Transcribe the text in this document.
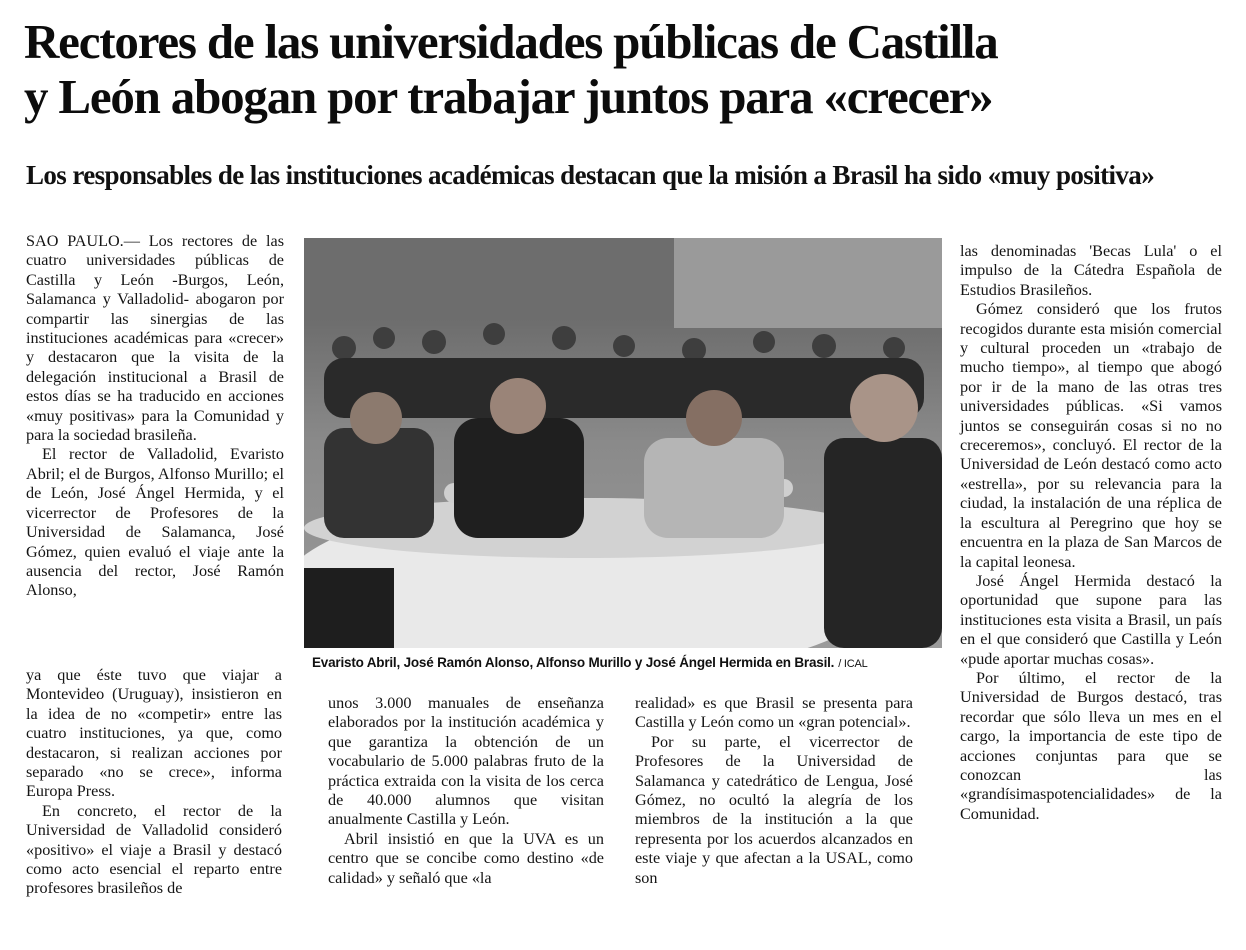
Rectores de las universidades públicas de Castilla
y León abogan por trabajar juntos para «crecer»
Los responsables de las instituciones académicas destacan que la misión a Brasil ha sido «muy positiva»

SAO PAULO.— Los rectores de las cuatro universidades públicas de Castilla y León -Burgos, León, Salamanca y Valladolid- abogaron por compartir las sinergias de las instituciones académicas para «crecer» y destacaron que la visita de la delegación institucional a Brasil de estos días se ha traducido en acciones «muy positivas» para la Comunidad y para la sociedad brasileña.

El rector de Valladolid, Evaristo Abril; el de Burgos, Alfonso Murillo; el de León, José Ángel Hermida, y el vicerrector de Profesores de la Universidad de Salamanca, José Gómez, quien evaluó el viaje ante la ausencia del rector, José Ramón Alonso,

Evaristo Abril, José Ramón Alonso, Alfonso Murillo y José Ángel Hermida en Brasil. / ICAL

ya que éste tuvo que viajar a Montevideo (Uruguay), insistieron en la idea de no «competir» entre las cuatro instituciones, ya que, como destacaron, si realizan acciones por separado «no se crece», informa Europa Press.

En concreto, el rector de la Universidad de Valladolid consideró «positivo» el viaje a Brasil y destacó como acto esencial el reparto entre profesores brasileños de

unos 3.000 manuales de enseñanza elaborados por la institución académica y que garantiza la obtención de un vocabulario de 5.000 palabras fruto de la práctica extraida con la visita de los cerca de 40.000 alumnos que visitan anualmente Castilla y León.

Abril insistió en que la UVA es un centro que se concibe como destino «de calidad» y señaló que «la

realidad» es que Brasil se presenta para Castilla y León como un «gran potencial».

Por su parte, el vicerrector de Profesores de la Universidad de Salamanca y catedrático de Lengua, José Gómez, no ocultó la alegría de los miembros de la institución a la que representa por los acuerdos alcanzados en este viaje y que afectan a la USAL, como son

las denominadas 'Becas Lula' o el impulso de la Cátedra Española de Estudios Brasileños.

Gómez consideró que los frutos recogidos durante esta misión comercial y cultural proceden un «trabajo de mucho tiempo», al tiempo que abogó por ir de la mano de las otras tres universidades públicas. «Si vamos juntos se conseguirán cosas si no no creceremos», concluyó. El rector de la Universidad de León destacó como acto «estrella», por su relevancia para la ciudad, la instalación de una réplica de la escultura al Peregrino que hoy se encuentra en la plaza de San Marcos de la capital leonesa.

José Ángel Hermida destacó la oportunidad que supone para las instituciones esta visita a Brasil, un país en el que consideró que Castilla y León «pude aportar muchas cosas».

Por último, el rector de la Universidad de Burgos destacó, tras recordar que sólo lleva un mes en el cargo, la importancia de este tipo de acciones conjuntas para que se conozcan las «grandísimaspotencialidades» de la Comunidad.
